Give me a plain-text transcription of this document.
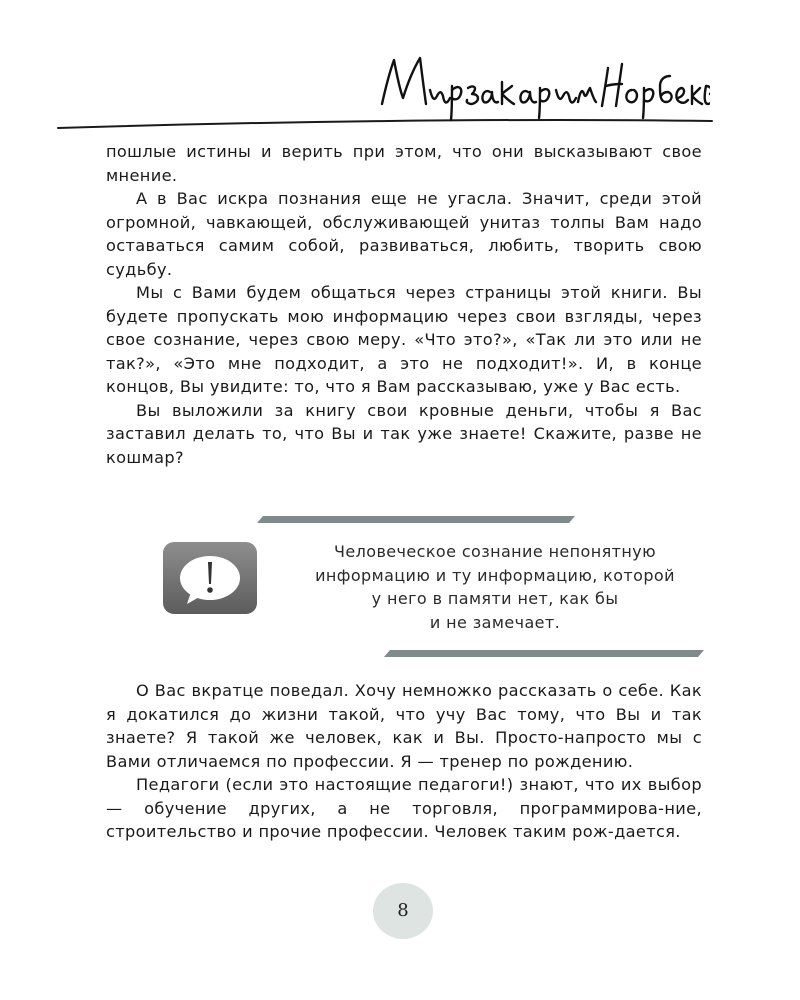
пошлые истины и верить при этом, что они высказывают свое мнение.

А в Вас искра познания еще не угасла. Значит, среди этой огромной, чавкающей, обслуживающей унитаз толпы Вам надо оставаться самим собой, развиваться, любить, творить свою судьбу.

Мы с Вами будем общаться через страницы этой книги. Вы будете пропускать мою информацию через свои взгляды, через свое сознание, через свою меру. «Что это?», «Так ли это или не так?», «Это мне подходит, а это не подходит!». И, в конце концов, Вы увидите: то, что я Вам рассказываю, уже у Вас есть.

Вы выложили за книгу свои кровные деньги, чтобы я Вас заставил делать то, что Вы и так уже знаете! Скажите, разве не кошмар?

Человеческое сознание непонятную
информацию и ту информацию, которой
у него в памяти нет, как бы
и не замечает.

О Вас вкратце поведал. Хочу немножко рассказать о себе. Как я докатился до жизни такой, что учу Вас тому, что Вы и так знаете? Я такой же человек, как и Вы. Просто-напросто мы с Вами отличаемся по профессии. Я — тренер по рождению.

Педагоги (если это настоящие педагоги!) знают, что их выбор — обучение других, а не торговля, программирова-ние, строительство и прочие профессии. Человек таким рож-дается.

8
